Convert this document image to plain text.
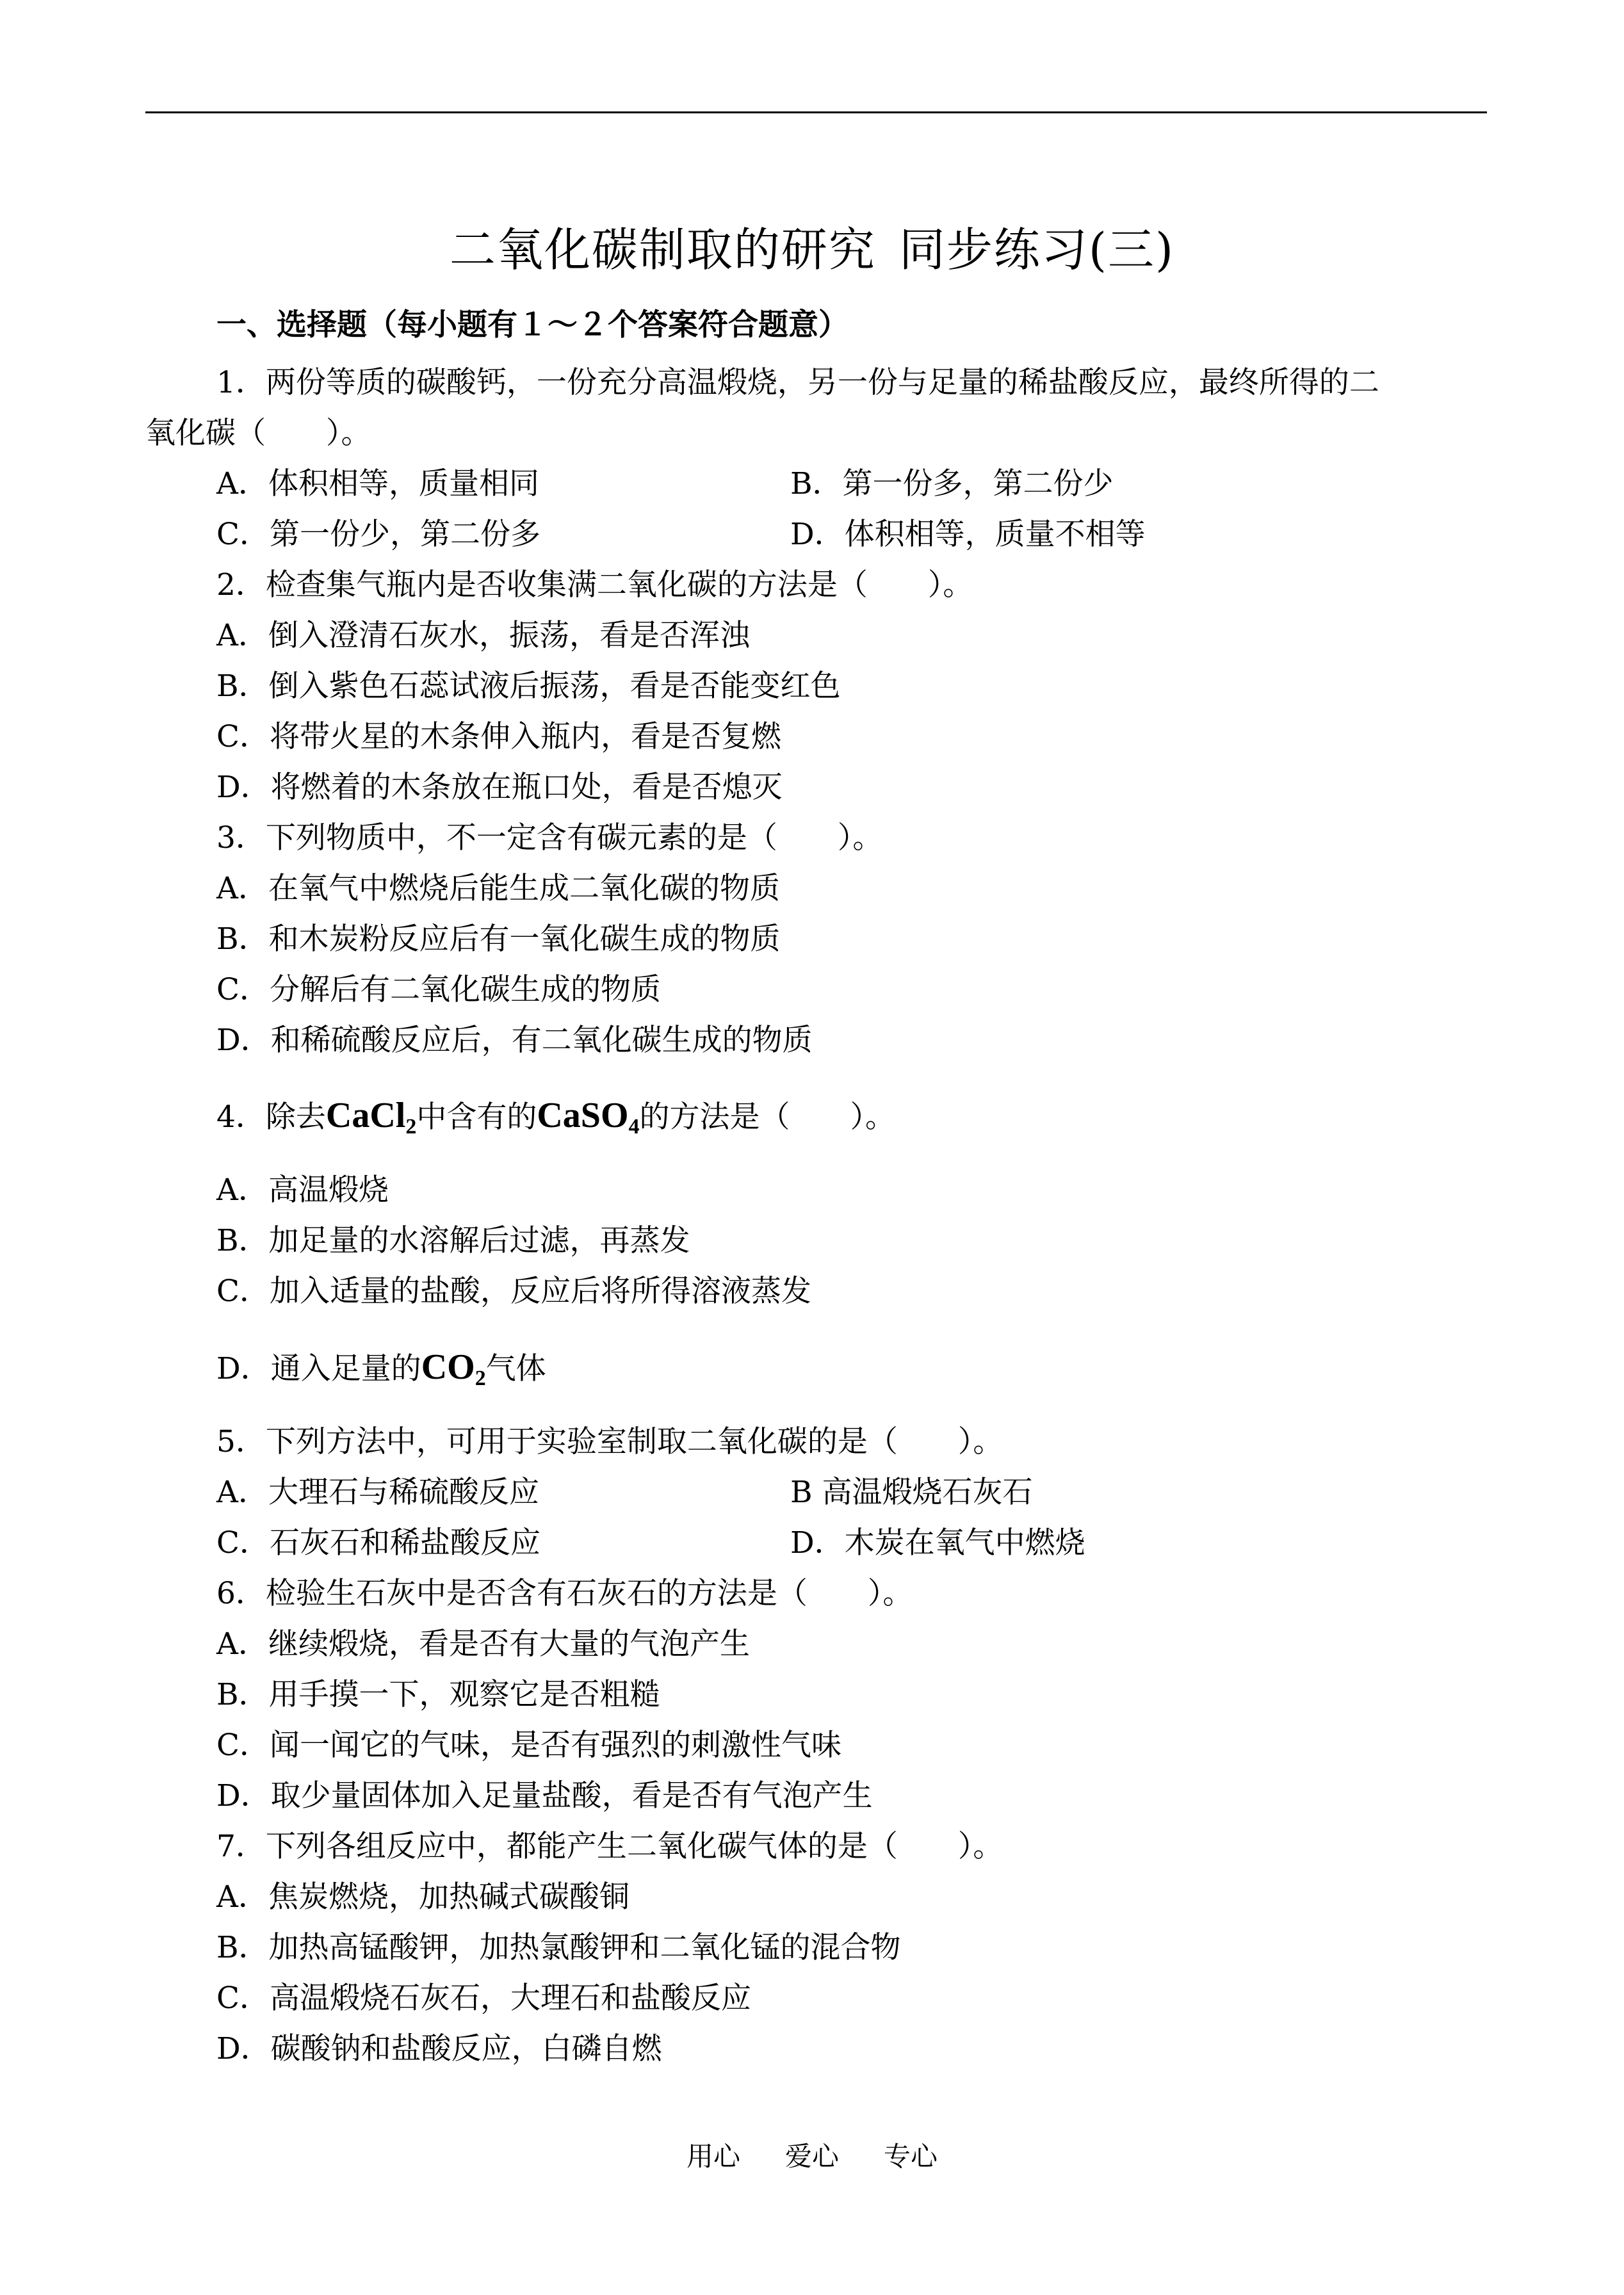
二氧化碳制取的研究 同步练习(三)
一、选择题（每小题有１～２个答案符合题意）
1．两份等质的碳酸钙，一份充分高温煅烧，另一份与足量的稀盐酸反应，最终所得的二
氧化碳（　　）。
A．体积相等，质量相同	B．第一份多，第二份少
C．第一份少，第二份多	D．体积相等，质量不相等
2．检查集气瓶内是否收集满二氧化碳的方法是（　　）。
A．倒入澄清石灰水，振荡，看是否浑浊
B．倒入紫色石蕊试液后振荡，看是否能变红色
C．将带火星的木条伸入瓶内，看是否复燃
D．将燃着的木条放在瓶口处，看是否熄灭
3．下列物质中，不一定含有碳元素的是（　　）。
A．在氧气中燃烧后能生成二氧化碳的物质
B．和木炭粉反应后有一氧化碳生成的物质
C．分解后有二氧化碳生成的物质
D．和稀硫酸反应后，有二氧化碳生成的物质
4．除去CaCl$_2$中含有的CaSO$_4$的方法是（　　）。
A．高温煅烧
B．加足量的水溶解后过滤，再蒸发
C．加入适量的盐酸，反应后将所得溶液蒸发
D．通入足量的$CO_2$气体
5．下列方法中，可用于实验室制取二氧化碳的是（　　）。
A．大理石与稀硫酸反应	B 高温煅烧石灰石
C．石灰石和稀盐酸反应	D．木炭在氧气中燃烧
6．检验生石灰中是否含有石灰石的方法是（　　）。
A．继续煅烧，看是否有大量的气泡产生
B．用手摸一下，观察它是否粗糙
C．闻一闻它的气味，是否有强烈的刺激性气味
D．取少量固体加入足量盐酸，看是否有气泡产生
7．下列各组反应中，都能产生二氧化碳气体的是（　　）。
A．焦炭燃烧，加热碱式碳酸铜
B．加热高锰酸钾，加热氯酸钾和二氧化锰的混合物
C．高温煅烧石灰石，大理石和盐酸反应
D．碳酸钠和盐酸反应，白磷自燃
用心 爱心 专心
